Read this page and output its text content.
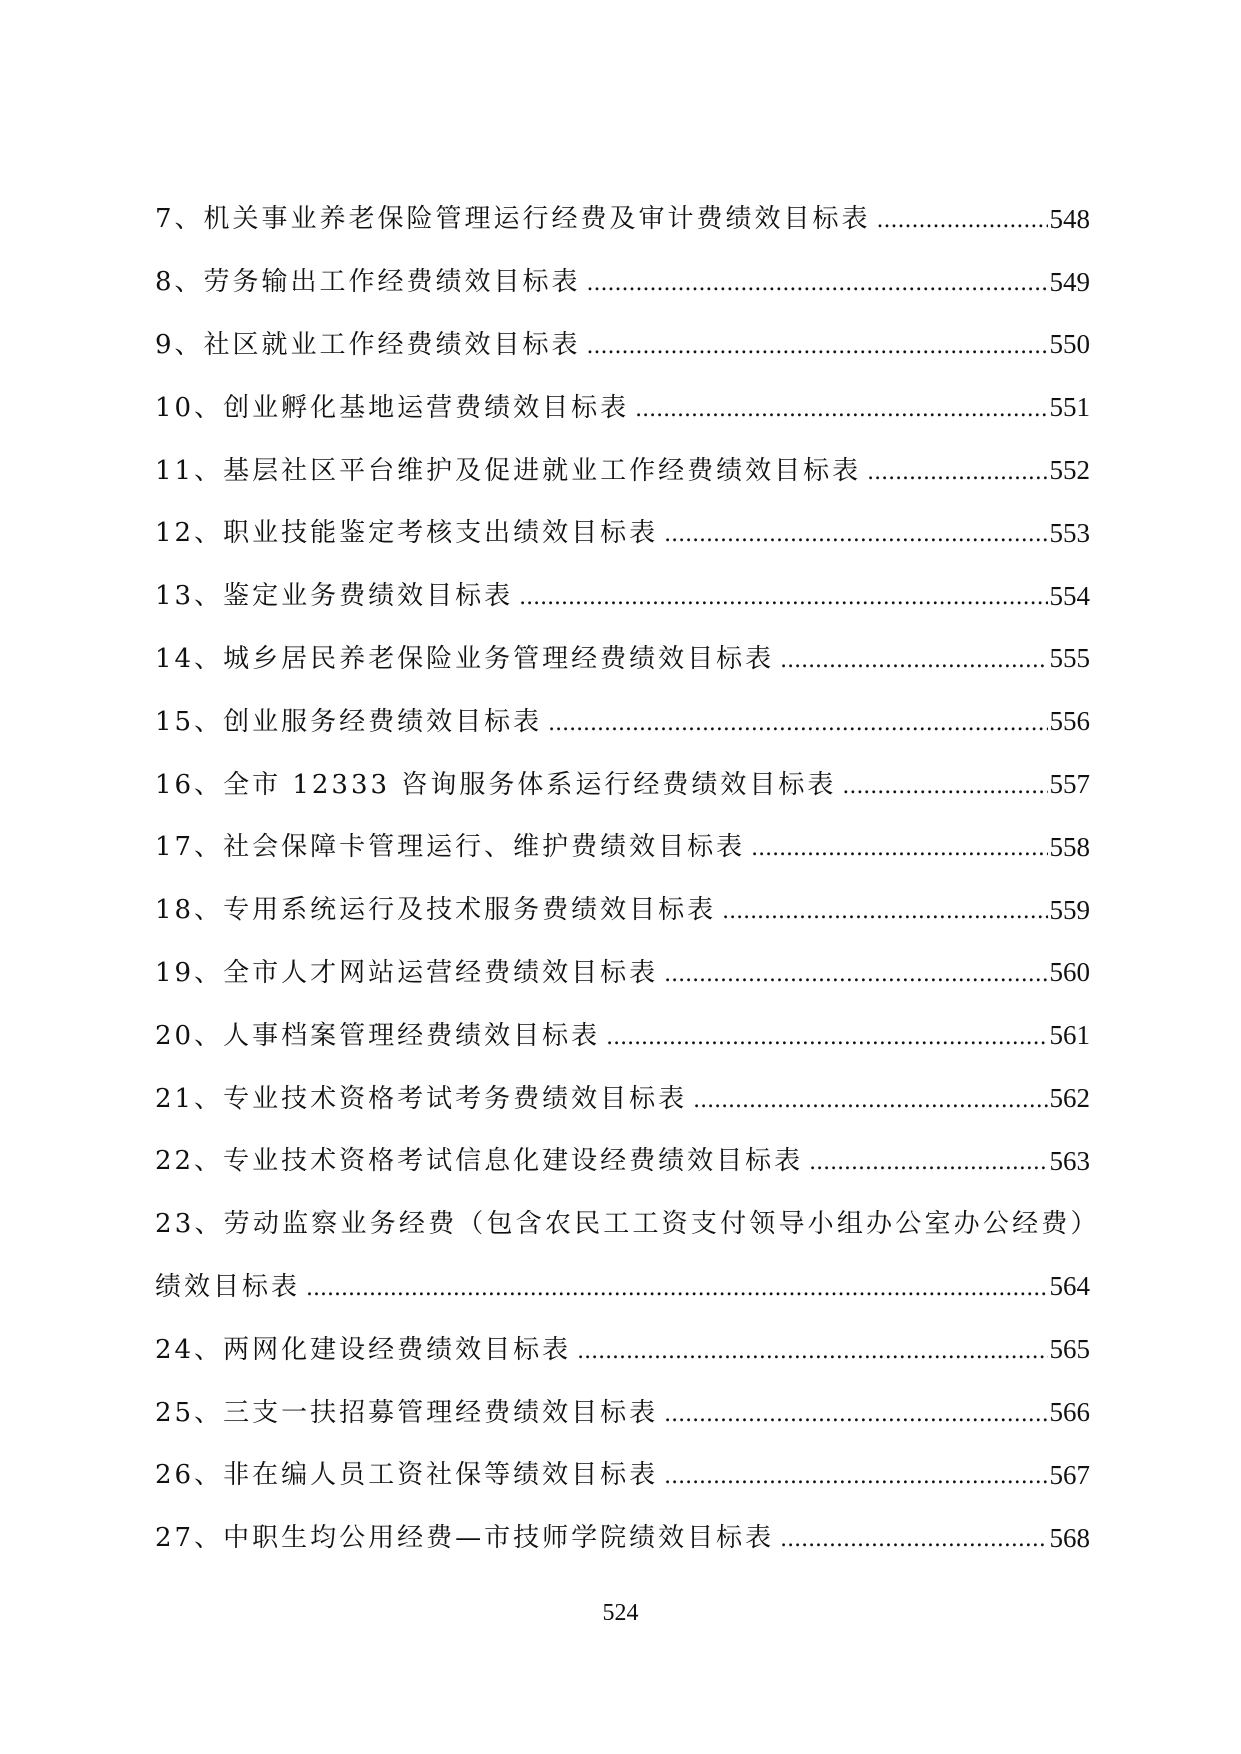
7、机关事业养老保险管理运行经费及审计费绩效目标表 .....	548
8、劳务输出工作经费绩效目标表 .....	549
9、社区就业工作经费绩效目标表 .....	550
10、创业孵化基地运营费绩效目标表 .....	551
11、基层社区平台维护及促进就业工作经费绩效目标表 .....	552
12、职业技能鉴定考核支出绩效目标表 .....	553
13、鉴定业务费绩效目标表 .....	554
14、城乡居民养老保险业务管理经费绩效目标表 .....	555
15、创业服务经费绩效目标表 .....	556
16、全市 12333 咨询服务体系运行经费绩效目标表 .....	557
17、社会保障卡管理运行、维护费绩效目标表 .....	558
18、专用系统运行及技术服务费绩效目标表 .....	559
19、全市人才网站运营经费绩效目标表 .....	560
20、人事档案管理经费绩效目标表 .....	561
21、专业技术资格考试考务费绩效目标表 .....	562
22、专业技术资格考试信息化建设经费绩效目标表 .....	563
23、劳动监察业务经费（包含农民工工资支付领导小组办公室办公经费）
绩效目标表 .....	564
24、两网化建设经费绩效目标表 .....	565
25、三支一扶招募管理经费绩效目标表 .....	566
26、非在编人员工资社保等绩效目标表 .....	567
27、中职生均公用经费—市技师学院绩效目标表 .....	568
524
